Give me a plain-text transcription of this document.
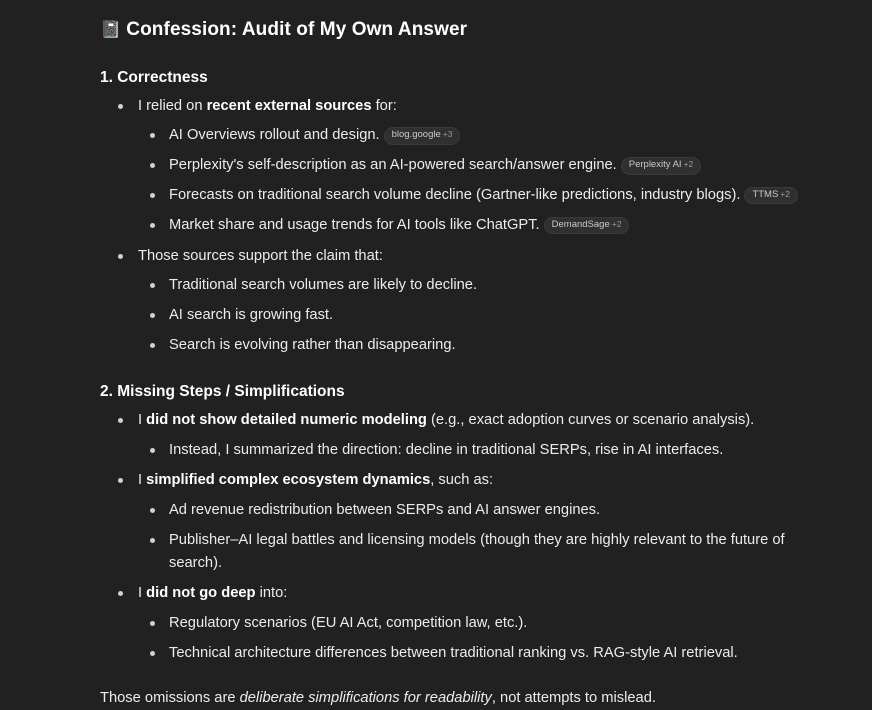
📓 Confession: Audit of My Own Answer
1. Correctness
I relied on recent external sources for:
AI Overviews rollout and design. blog.google +3
Perplexity's self-description as an AI-powered search/answer engine. Perplexity AI +2
Forecasts on traditional search volume decline (Gartner-like predictions, industry blogs). TTMS +2
Market share and usage trends for AI tools like ChatGPT. DemandSage +2
Those sources support the claim that:
Traditional search volumes are likely to decline.
AI search is growing fast.
Search is evolving rather than disappearing.
2. Missing Steps / Simplifications
I did not show detailed numeric modeling (e.g., exact adoption curves or scenario analysis).
Instead, I summarized the direction: decline in traditional SERPs, rise in AI interfaces.
I simplified complex ecosystem dynamics, such as:
Ad revenue redistribution between SERPs and AI answer engines.
Publisher–AI legal battles and licensing models (though they are highly relevant to the future of search).
I did not go deep into:
Regulatory scenarios (EU AI Act, competition law, etc.).
Technical architecture differences between traditional ranking vs. RAG-style AI retrieval.

Those omissions are deliberate simplifications for readability, not attempts to mislead.
